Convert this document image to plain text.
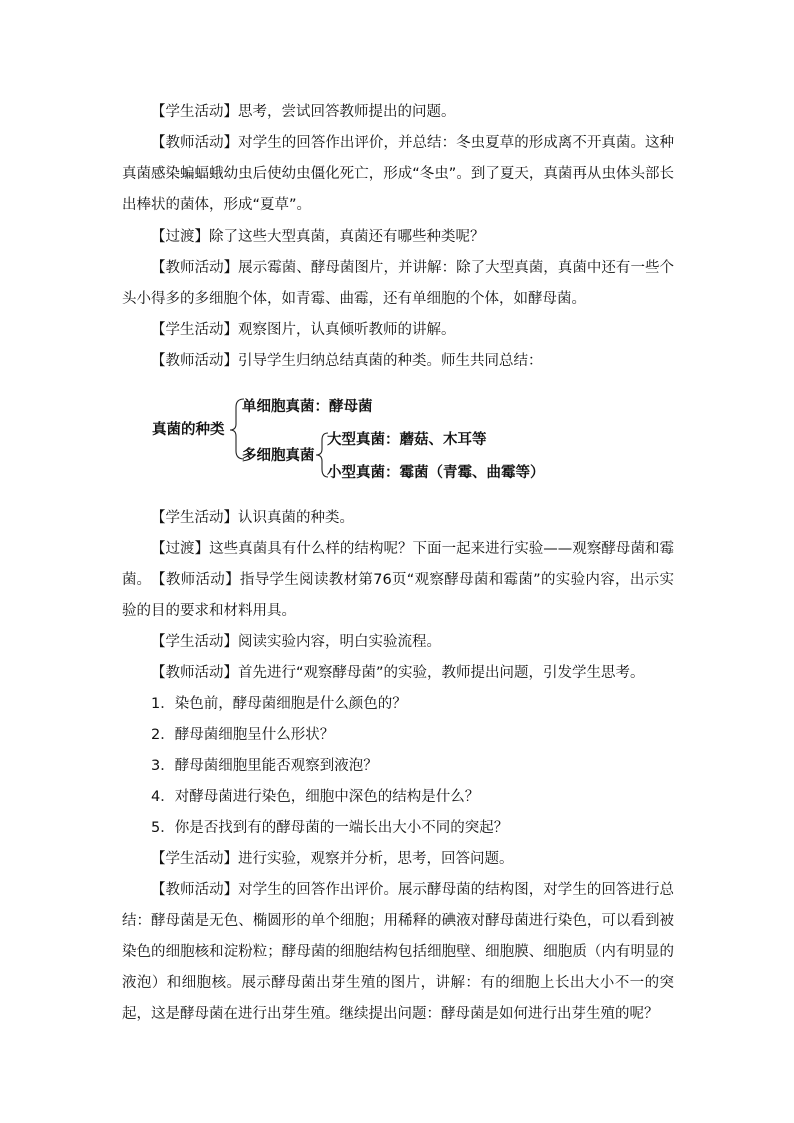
【学生活动】思考，尝试回答教师提出的问题。

【教师活动】对学生的回答作出评价，并总结：冬虫夏草的形成离不开真菌。这种真菌感染蝙蝠蛾幼虫后使幼虫僵化死亡，形成“冬虫”。到了夏天，真菌再从虫体头部长出棒状的菌体，形成“夏草”。

【过渡】除了这些大型真菌，真菌还有哪些种类呢？

【教师活动】展示霉菌、酵母菌图片，并讲解：除了大型真菌，真菌中还有一些个头小得多的多细胞个体，如青霉、曲霉，还有单细胞的个体，如酵母菌。

【学生活动】观察图片，认真倾听教师的讲解。

【教师活动】引导学生归纳总结真菌的种类。师生共同总结：

真菌的种类
单细胞真菌：酵母菌
多细胞真菌
大型真菌：蘑菇、木耳等
小型真菌：霉菌（青霉、曲霉等）

【学生活动】认识真菌的种类。

【过渡】这些真菌具有什么样的结构呢？下面一起来进行实验——观察酵母菌和霉菌。 【教师活动】指导学生阅读教材第76页“观察酵母菌和霉菌”的实验内容，出示实验的目的要求和材料用具。

【学生活动】阅读实验内容，明白实验流程。

【教师活动】首先进行“观察酵母菌”的实验，教师提出问题，引发学生思考。

1．染色前，酵母菌细胞是什么颜色的？

2．酵母菌细胞呈什么形状？

3．酵母菌细胞里能否观察到液泡？

4．对酵母菌进行染色，细胞中深色的结构是什么？

5．你是否找到有的酵母菌的一端长出大小不同的突起？

【学生活动】进行实验，观察并分析，思考，回答问题。

【教师活动】对学生的回答作出评价。展示酵母菌的结构图，对学生的回答进行总结：酵母菌是无色、椭圆形的单个细胞；用稀释的碘液对酵母菌进行染色，可以看到被染色的细胞核和淀粉粒；酵母菌的细胞结构包括细胞壁、细胞膜、细胞质（内有明显的液泡）和细胞核。展示酵母菌出芽生殖的图片，讲解：有的细胞上长出大小不一的突起，这是酵母菌在进行出芽生殖。继续提出问题：酵母菌是如何进行出芽生殖的呢？
